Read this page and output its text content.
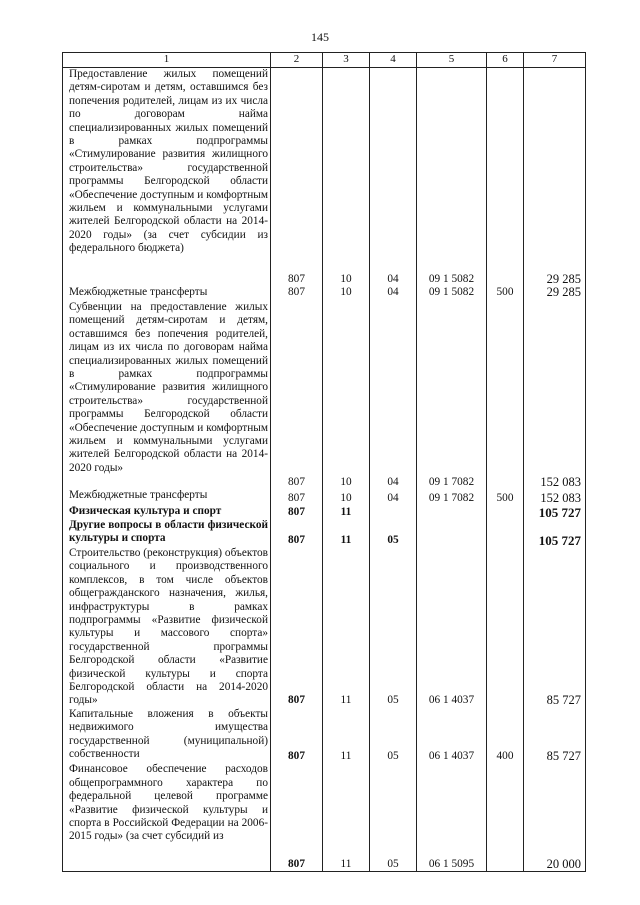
145
1	2	3	4	5	6	7
Предоставление жилых помещений детям-сиротам и детям, оставшимся без попечения родителей, лицам из их числа по договорам найма специализированных жилых помещений в рамках подпрограммы «Стимулирование развития жилищного строительства» государственной программы Белгородской области «Обеспечение доступным и комфортным жильем и коммунальными услугами жителей Белгородской области на 2014-2020 годы» (за счет субсидии из федерального бюджета)	807	10	04	09 1 5082		29 285
Межбюджетные трансферты	807	10	04	09 1 5082	500	29 285
Субвенции на предоставление жилых помещений детям-сиротам и детям, оставшимся без попечения родителей, лицам из их числа по договорам найма специализированных жилых помещений в рамках подпрограммы «Стимулирование развития жилищного строительства» государственной программы Белгородской области «Обеспечение доступным и комфортным жильем и коммунальными услугами жителей Белгородской области на 2014-2020 годы»	807	10	04	09 1 7082		152 083
Межбюджетные трансферты	807	10	04	09 1 7082	500	152 083
Физическая культура и спорт	807	11				105 727
Другие вопросы в области физической культуры и спорта	807	11	05			105 727
Строительство (реконструкция) объектов социального и производственного комплексов, в том числе объектов общегражданского назначения, жилья, инфраструктуры в рамках подпрограммы «Развитие физической культуры и массового спорта» государственной программы Белгородской области «Развитие физической культуры и спорта Белгородской области на 2014-2020 годы»	807	11	05	06 1 4037		85 727
Капитальные вложения в объекты недвижимого имущества государственной (муниципальной) собственности	807	11	05	06 1 4037	400	85 727
Финансовое обеспечение расходов общепрограммного характера по федеральной целевой программе «Развитие физической культуры и спорта в Российской Федерации на 2006-2015 годы» (за счет субсидий из	807	11	05	06 1 5095		20 000
